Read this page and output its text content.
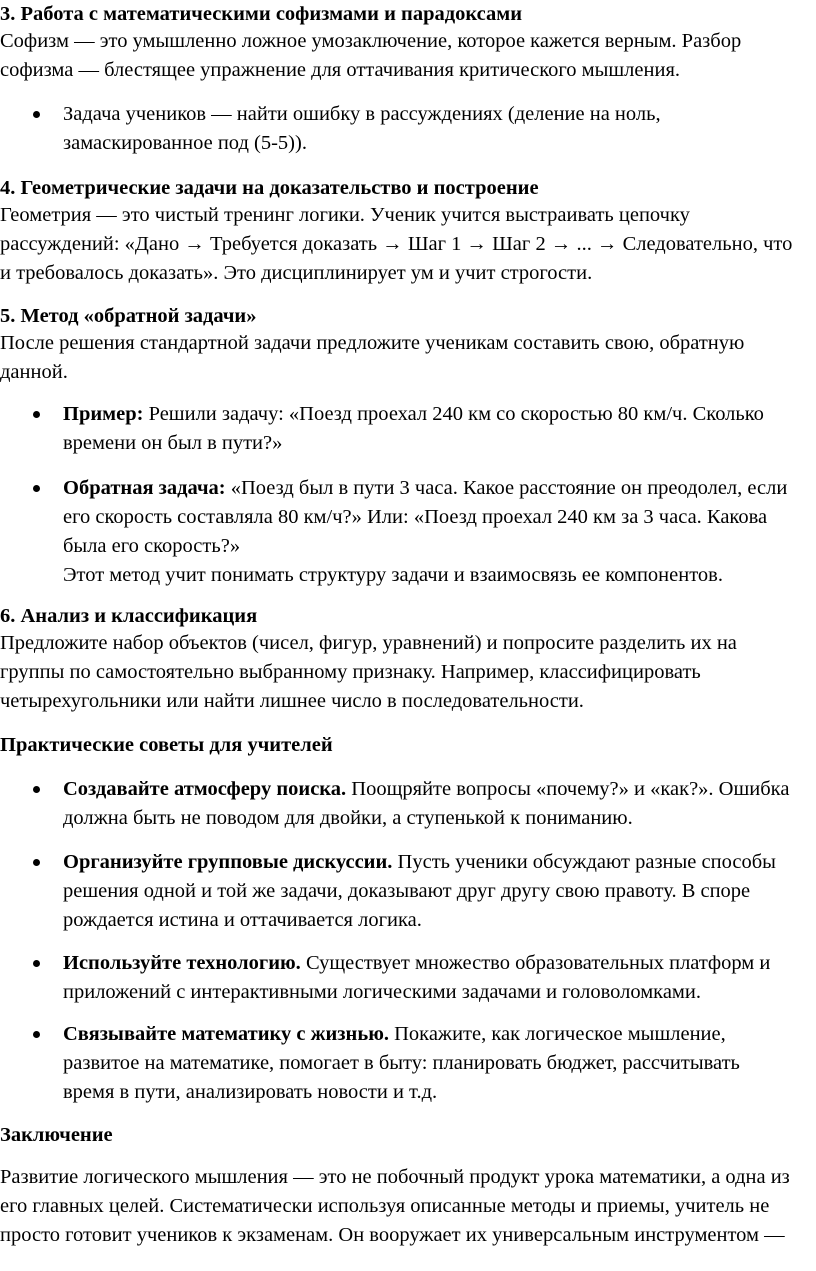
3. Работа с математическими софизмами и парадоксами
Софизм — это умышленно ложное умозаключение, которое кажется верным. Разбор
софизма — блестящее упражнение для оттачивания критического мышления.
Задача учеников — найти ошибку в рассуждениях (деление на ноль,
замаскированное под (5-5)).
4. Геометрические задачи на доказательство и построение
Геометрия — это чистый тренинг логики. Ученик учится выстраивать цепочку
рассуждений: «Дано → Требуется доказать → Шаг 1 → Шаг 2 → ... → Следовательно, что
и требовалось доказать». Это дисциплинирует ум и учит строгости.
5. Метод «обратной задачи»
После решения стандартной задачи предложите ученикам составить свою, обратную
данной.
Пример: Решили задачу: «Поезд проехал 240 км со скоростью 80 км/ч. Сколько
времени он был в пути?»
Обратная задача: «Поезд был в пути 3 часа. Какое расстояние он преодолел, если
его скорость составляла 80 км/ч?» Или: «Поезд проехал 240 км за 3 часа. Какова
была его скорость?»
Этот метод учит понимать структуру задачи и взаимосвязь ее компонентов.
6. Анализ и классификация
Предложите набор объектов (чисел, фигур, уравнений) и попросите разделить их на
группы по самостоятельно выбранному признаку. Например, классифицировать
четырехугольники или найти лишнее число в последовательности.
Практические советы для учителей
Создавайте атмосферу поиска. Поощряйте вопросы «почему?» и «как?». Ошибка
должна быть не поводом для двойки, а ступенькой к пониманию.
Организуйте групповые дискуссии. Пусть ученики обсуждают разные способы
решения одной и той же задачи, доказывают друг другу свою правоту. В споре
рождается истина и оттачивается логика.
Используйте технологию. Существует множество образовательных платформ и
приложений с интерактивными логическими задачами и головоломками.
Связывайте математику с жизнью. Покажите, как логическое мышление,
развитое на математике, помогает в быту: планировать бюджет, рассчитывать
время в пути, анализировать новости и т.д.
Заключение
Развитие логического мышления — это не побочный продукт урока математики, а одна из
его главных целей. Систематически используя описанные методы и приемы, учитель не
просто готовит учеников к экзаменам. Он вооружает их универсальным инструментом —
